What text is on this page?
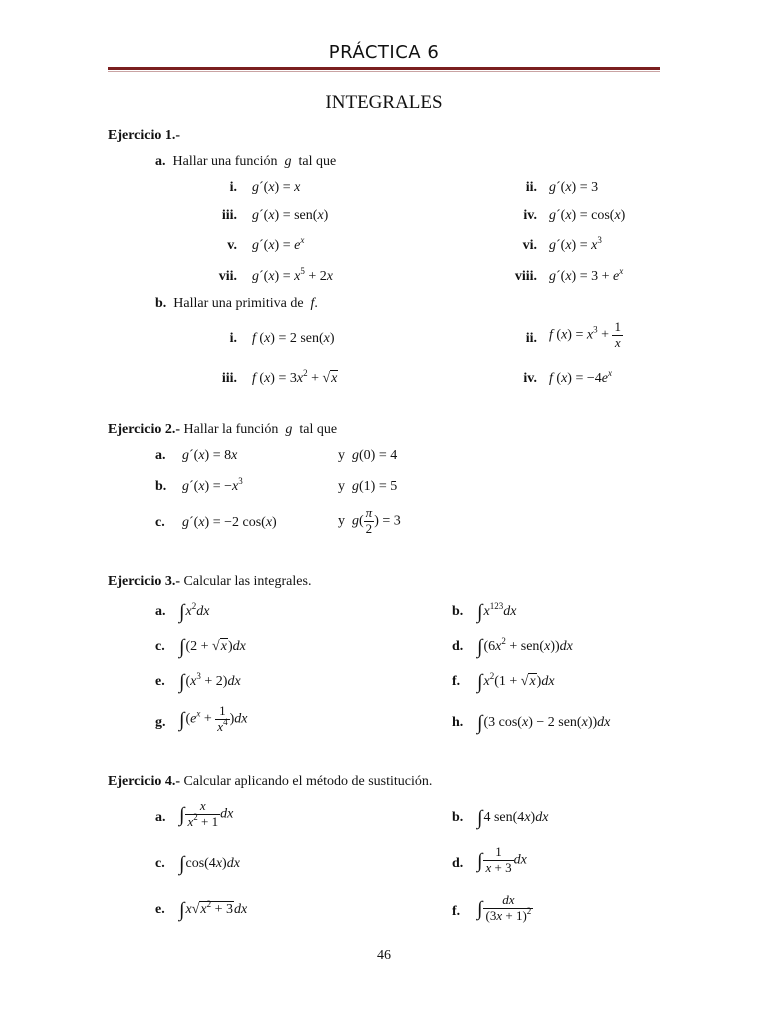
PRÁCTICA 6
INTEGRALES
Ejercicio 1.-
a. Hallar una función g tal que
i. g´(x) = x	ii. g´(x) = 3
iii. g´(x) = sen(x)	iv. g´(x) = cos(x)
v. g´(x) = $e^x$	vi. g´(x) = $x^3$
vii. g´(x) = $x^5 + 2x$	viii. g´(x) = $3 + e^x$
b. Hallar una primitiva de f.
i. f (x) = 2 sen(x)	ii. f $(x) = x^3 + \frac{1}{x}$
iii. f $(x) = 3x^2 + √x$	iv. f $(x) = -4e^x$
Ejercicio 2.- Hallar la función g tal que
a. g´(x) = 8x	y g(0) = 4
b. g´(x) = $-x^3$	y g(1) = 5
c. g´(x) = −2 cos(x)	y $g( \frac{\pi}{2}$ ) = 3
Ejercicio 3.- Calcular las integrales.
a. $\int x^2dx$	b. $\int x^{123}dx$
c. ∫(2 + √x)dx	d. $\int(6x^2 + sen(x))dx$
e. $\int(x^3 + 2)dx$	f. $\int x^2(1 + √x)dx$
g. $\int(e^x + \frac{1}{x^4} )dx$	h. ∫(3 cos(x) − 2 sen(x))dx
Ejercicio 4.- Calcular aplicando el método de sustitución.
a. ∫ $\frac{x}{x^2 + 1}$ dx	b. ∫4 sen(4x)dx
c. ∫cos(4x)dx	d. ∫ $\frac{1}{x + 3}$ dx
e. $\int x√x^2 + 3dx$	f. ∫ $\frac{dx}{(3x + 1)^2}$
46
